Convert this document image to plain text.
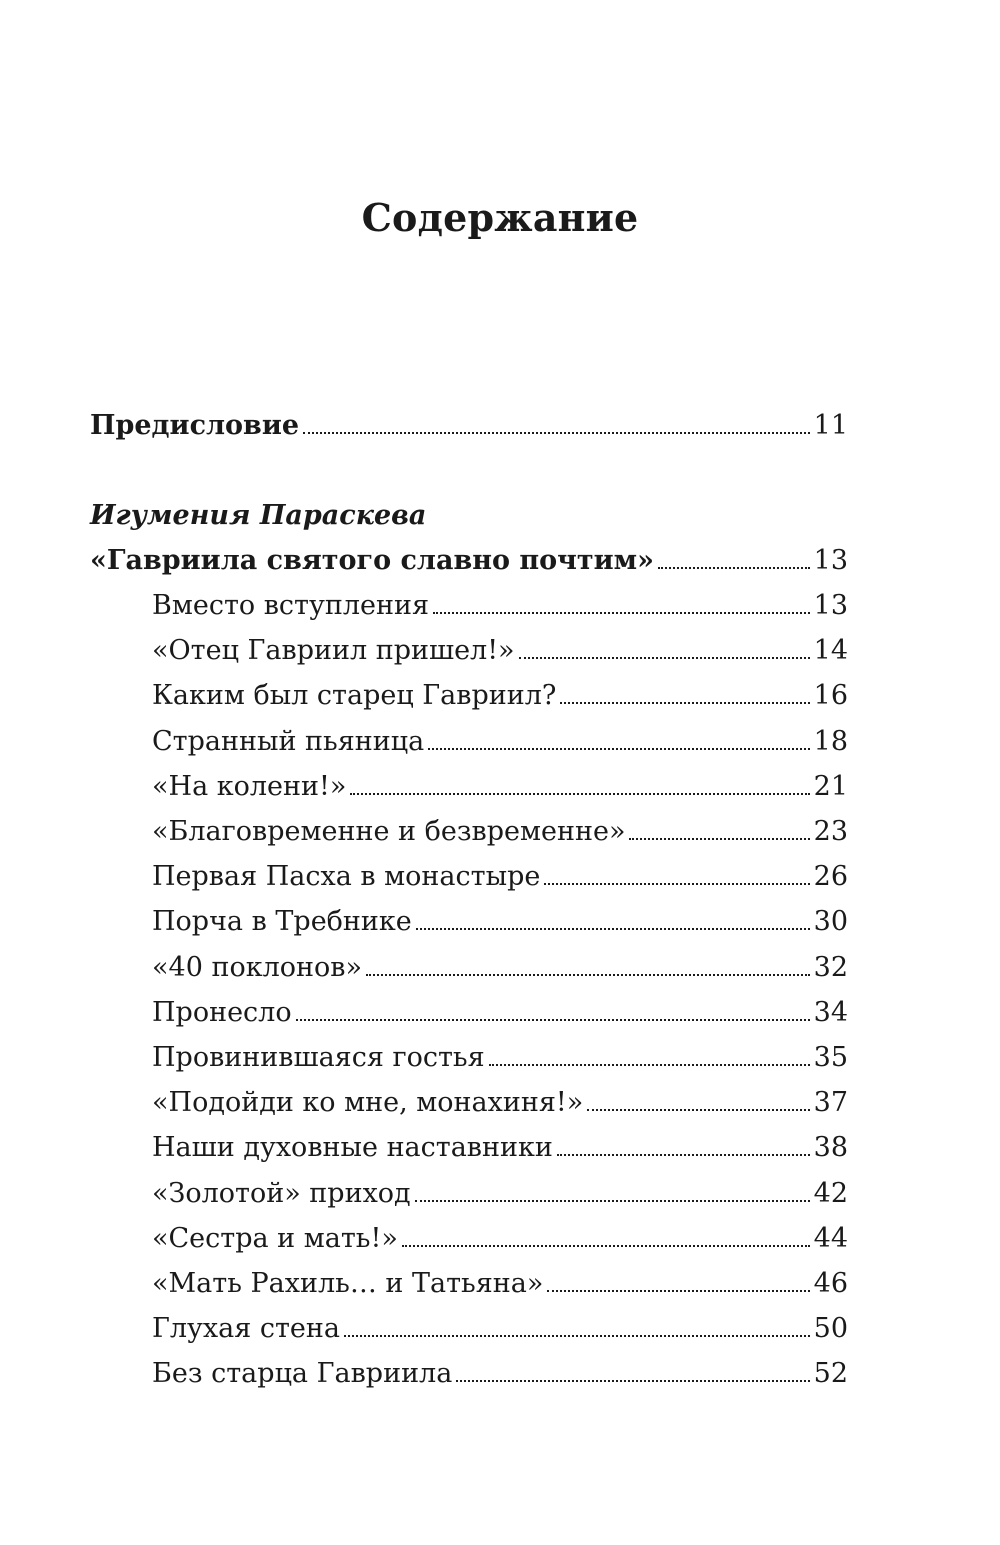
Содержание
Предисловие	11
Игумения Параскева
«Гавриила святого славно почтим»	13
Вместо вступления	13
«Отец Гавриил пришел!»	14
Каким был старец Гавриил?	16
Странный пьяница	18
«На колени!»	21
«Благовременне и безвременне»	23
Первая Пасха в монастыре	26
Порча в Требнике	30
«40 поклонов»	32
Пронесло	34
Провинившаяся гостья	35
«Подойди ко мне, монахиня!»	37
Наши духовные наставники	38
«Золотой» приход	42
«Сестра и мать!»	44
«Мать Рахиль… и Татьяна»	46
Глухая стена	50
Без старца Гавриила	52
